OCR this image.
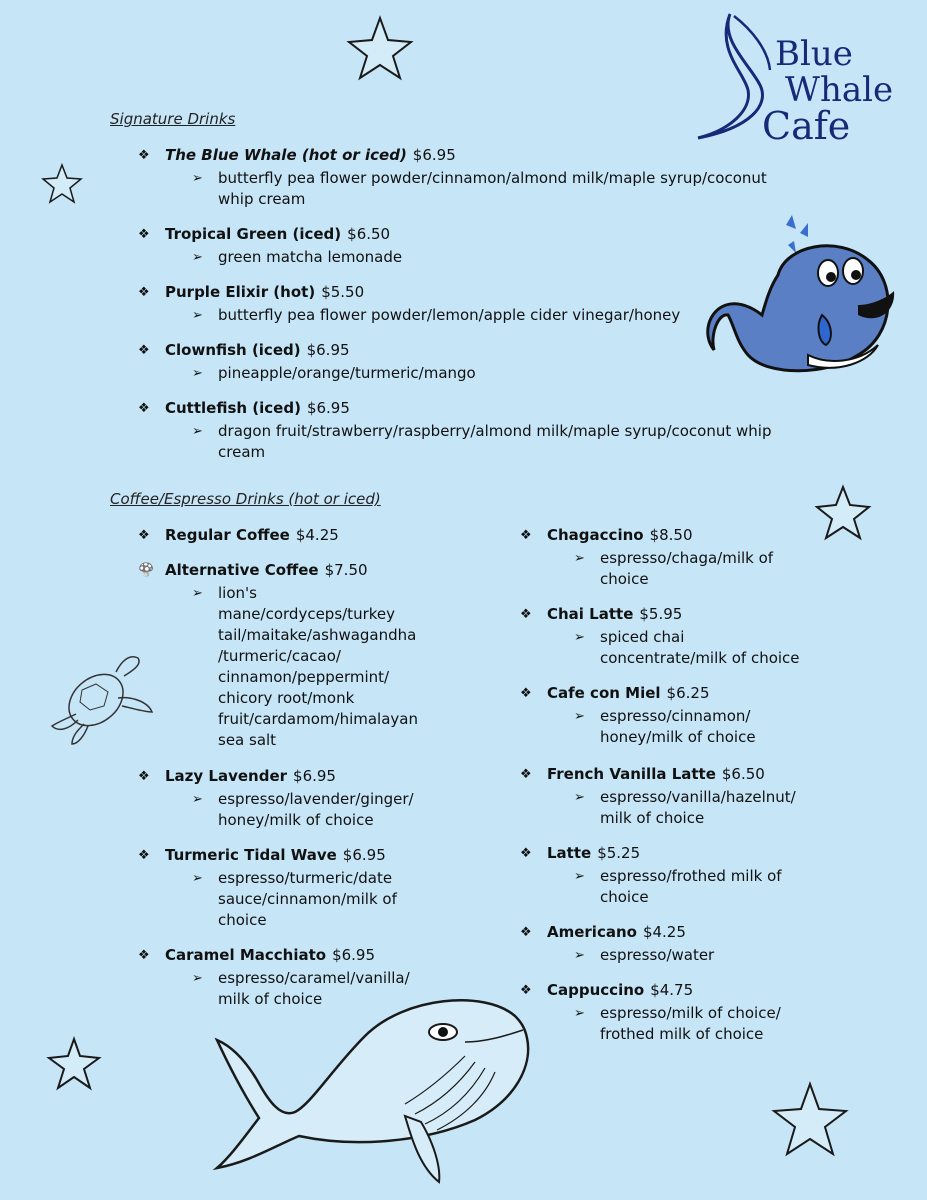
Blue
Whale
Cafe
Signature Drinks
Coffee/Espresso Drinks (hot or iced)
❖ The Blue Whale (hot or iced) $6.95
➢ butterfly pea flower powder/cinnamon/almond milk/maple syrup/coconut
whip cream
❖ Tropical Green (iced) $6.50
➢ green matcha lemonade
❖ Purple Elixir (hot) $5.50
➢ butterfly pea flower powder/lemon/apple cider vinegar/honey
❖ Clownfish (iced) $6.95
➢ pineapple/orange/turmeric/mango
❖ Cuttlefish (iced) $6.95
➢ dragon fruit/strawberry/raspberry/almond milk/maple syrup/coconut whip
cream
❖ Regular Coffee $4.25
🍄 Alternative Coffee $7.50
➢ lion's
mane/cordyceps/turkey
tail/maitake/ashwagandha
/turmeric/cacao/
cinnamon/peppermint/
chicory root/monk
fruit/cardamom/himalayan
sea salt
❖ Lazy Lavender $6.95
➢ espresso/lavender/ginger/
honey/milk of choice
❖ Turmeric Tidal Wave $6.95
➢ espresso/turmeric/date
sauce/cinnamon/milk of
choice
❖ Caramel Macchiato $6.95
➢ espresso/caramel/vanilla/
milk of choice
❖ Chagaccino $8.50
➢ espresso/chaga/milk of
choice
❖ Chai Latte $5.95
➢ spiced chai
concentrate/milk of choice
❖ Cafe con Miel $6.25
➢ espresso/cinnamon/
honey/milk of choice
❖ French Vanilla Latte $6.50
➢ espresso/vanilla/hazelnut/
milk of choice
❖ Latte $5.25
➢ espresso/frothed milk of
choice
❖ Americano $4.25
➢ espresso/water
❖ Cappuccino $4.75
➢ espresso/milk of choice/
frothed milk of choice
